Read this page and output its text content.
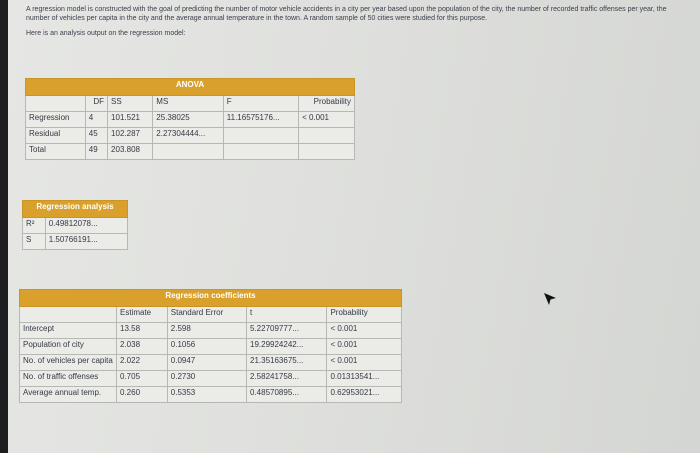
A regression model is constructed with the goal of predicting the number of motor vehicle accidents in a city per year based upon the population of the city, the number of recorded traffic offenses per year, the number of vehicles per capita in the city and the average annual temperature in the town. A random sample of 50 cities were studied for this purpose.

Here is an analysis output on the regression model:

ANOVA					
	DF	SS	MS	F	Probability
Regression	4	101.521	25.38025	11.16575176...	< 0.001
Residual	45	102.287	2.27304444...		
Total	49	203.808			
Regression analysis	
R²	0.49812078...
S	1.50766191...
Regression coefficients				
	Estimate	Standard Error	t	Probability
Intercept	13.58	2.598	5.22709777...	< 0.001
Population of city	2.038	0.1056	19.29924242...	< 0.001
No. of vehicles per capita	2.022	0.0947	21.35163675...	< 0.001
No. of traffic offenses	0.705	0.2730	2.58241758...	0.01313541...
Average annual temp.	0.260	0.5353	0.48570895...	0.62953021...
